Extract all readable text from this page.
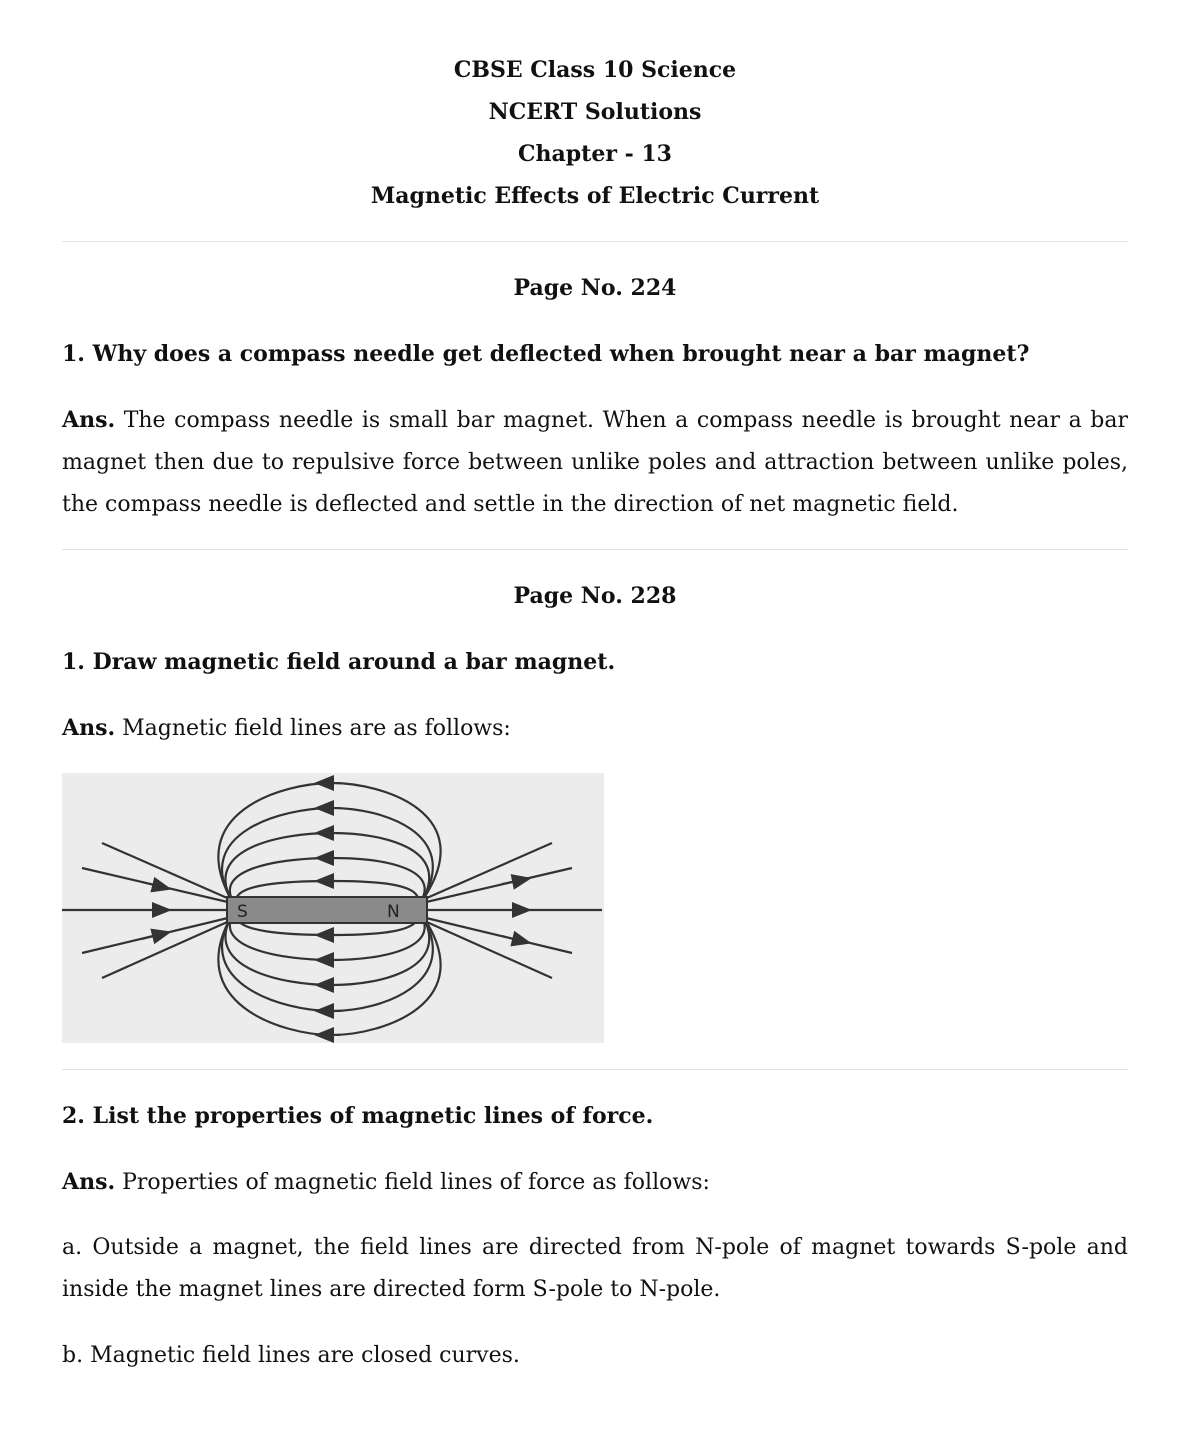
CBSE Class 10 Science
NCERT Solutions
Chapter - 13
Magnetic Effects of Electric Current
Page No. 224
1. Why does a compass needle get deflected when brought near a bar magnet?
Ans. The compass needle is small bar magnet. When a compass needle is brought near a bar magnet then due to repulsive force between unlike poles and attraction between unlike poles, the compass needle is deflected and settle in the direction of net magnetic field.
Page No. 228
1. Draw magnetic field around a bar magnet.
Ans. Magnetic field lines are as follows:
S	N
2. List the properties of magnetic lines of force.
Ans. Properties of magnetic field lines of force as follows:
a. Outside a magnet, the field lines are directed from N-pole of magnet towards S-pole and inside the magnet lines are directed form S-pole to N-pole.
b. Magnetic field lines are closed curves.
